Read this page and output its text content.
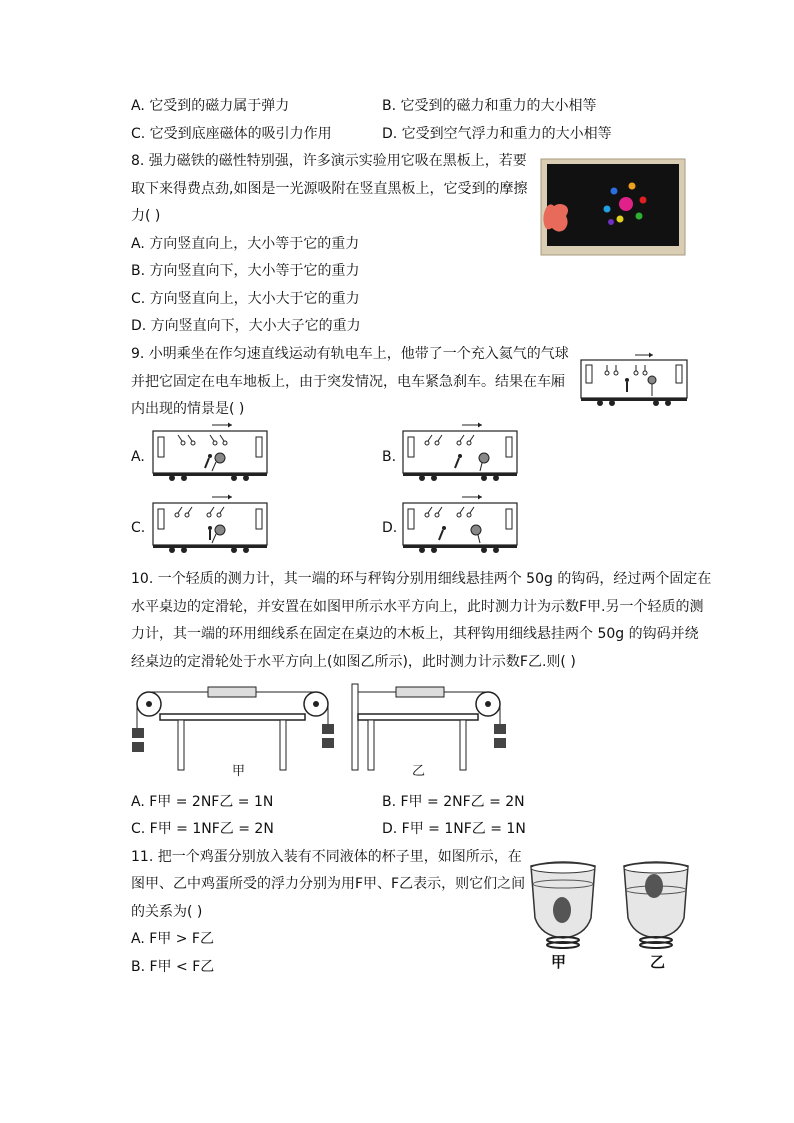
A. 它受到的磁力属于弹力	B. 它受到的磁力和重力的大小相等
C. 它受到底座磁体的吸引力作用	D. 它受到空气浮力和重力的大小相等
8. 强力磁铁的磁性特别强，许多演示实验用它吸在黑板上，若要
取下来得费点劲,如图是一光源吸附在竖直黑板上，它受到的摩擦
力( )
A. 方向竖直向上，大小等于它的重力
B. 方向竖直向下，大小等于它的重力
C. 方向竖直向上，大小大于它的重力
D. 方向竖直向下，大小大子它的重力
9. 小明乘坐在作匀速直线运动有轨电车上，他带了一个充入氦气的气球
并把它固定在电车地板上，由于突发情况，电车紧急刹车。结果在车厢
内出现的情景是( )
A.	B.
C.	D.
10. 一个轻质的测力计，其一端的环与秤钩分别用细线悬挂两个 50g 的钩码，经过两个固定在
水平桌边的定滑轮，并安置在如图甲所示水平方向上，此时测力计为示数F甲.另一个轻质的测
力计，其一端的环用细线系在固定在桌边的木板上，其秤钩用细线悬挂两个 50g 的钩码并绕
经桌边的定滑轮处于水平方向上(如图乙所示)，此时测力计示数F乙.则( )
甲	乙
A. F甲 = 2NF乙 = 1N	B. F甲 = 2NF乙 = 2N
C. F甲 = 1NF乙 = 2N	D. F甲 = 1NF乙 = 1N
11. 把一个鸡蛋分别放入装有不同液体的杯子里，如图所示，在
图甲、乙中鸡蛋所受的浮力分别为用F甲、F乙表示，则它们之间
的关系为( )
A. F甲 > F乙
B. F甲 < F乙	甲	乙
